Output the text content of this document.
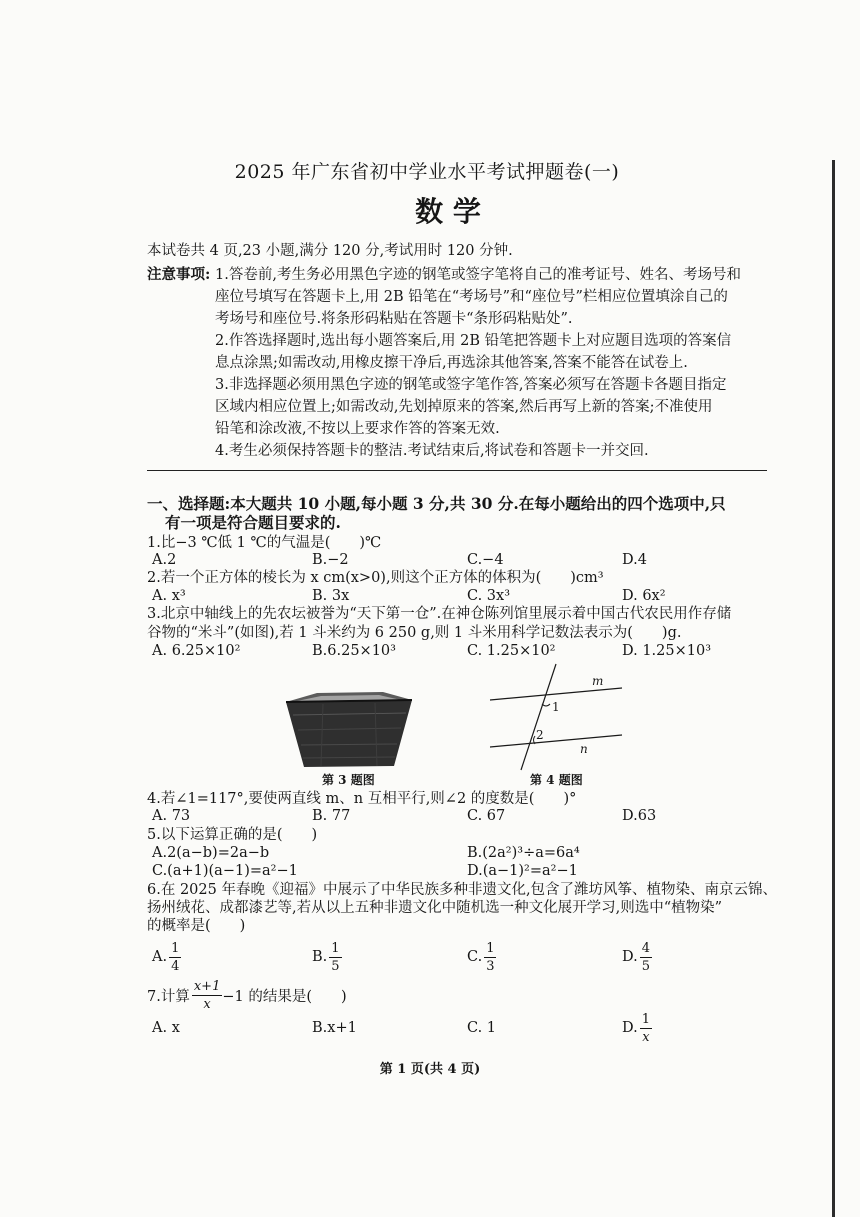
2025 年广东省初中学业水平考试押题卷(一)
数 学
本试卷共 4 页,23 小题,满分 120 分,考试用时 120 分钟.
注意事项: 1.答卷前,考生务必用黑色字迹的钢笔或签字笔将自己的准考证号、姓名、考场号和
座位号填写在答题卡上,用 2B 铅笔在“考场号”和“座位号”栏相应位置填涂自己的
考场号和座位号.将条形码粘贴在答题卡“条形码粘贴处”.
2.作答选择题时,选出每小题答案后,用 2B 铅笔把答题卡上对应题目选项的答案信
息点涂黑;如需改动,用橡皮擦干净后,再选涂其他答案,答案不能答在试卷上.
3.非选择题必须用黑色字迹的钢笔或签字笔作答,答案必须写在答题卡各题目指定
区域内相应位置上;如需改动,先划掉原来的答案,然后再写上新的答案;不准使用
铅笔和涂改液,不按以上要求作答的答案无效.
4.考生必须保持答题卡的整洁.考试结束后,将试卷和答题卡一并交回.
一、选择题:本大题共 10 小题,每小题 3 分,共 30 分.在每小题给出的四个选项中,只
有一项是符合题目要求的.
1.比−3 ℃低 1 ℃的气温是(　　)℃
A.2	B.−2	C.−4	D.4
2.若一个正方体的棱长为 x cm(x>0),则这个正方体的体积为(　　)cm³
A. x³	B. 3x	C. 3x³	D. 6x²
3.北京中轴线上的先农坛被誉为“天下第一仓”.在神仓陈列馆里展示着中国古代农民用作存储
谷物的“米斗”(如图),若 1 斗米约为 6 250 g,则 1 斗米用科学记数法表示为(　　)g.
A. 6.25×10²	B.6.25×10³	C. 1.25×10²	D. 1.25×10³
第 3 题图
m
n
1
2
第 4 题图
4.若∠1=117°,要使两直线 m、n 互相平行,则∠2 的度数是(　　)°
A. 73	B. 77	C. 67	D.63
5.以下运算正确的是(　　)
A.2(a−b)=2a−b	B.(2a²)³÷a=6a⁴
C.(a+1)(a−1)=a²−1	D.(a−1)²=a²−1
6.在 2025 年春晚《迎福》中展示了中华民族多种非遗文化,包含了潍坊风筝、植物染、南京云锦、
扬州绒花、成都漆艺等,若从以上五种非遗文化中随机选一种文化展开学习,则选中“植物染”
的概率是(　　)
A. $\frac{1}{4}$	B. $\frac{1}{5}$	C. $\frac{1}{3}$	D. $\frac{4}{5}$
7.计算 $\frac{x+1}{x} -1$ 的结果是(　　)
A. x	B.x+1	C. 1	D. $\frac{1}{x}$
第 1 页(共 4 页)
